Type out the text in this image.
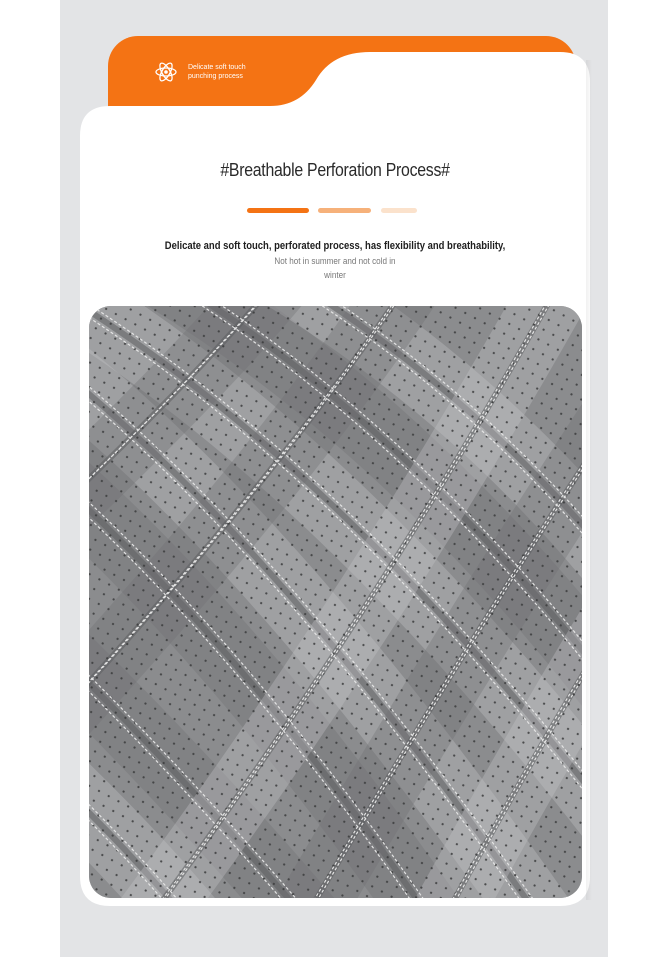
Delicate soft touch
punching process
#Breathable Perforation Process#
Delicate and soft touch, perforated process, has flexibility and breathability,
Not hot in summer and not cold in winter
